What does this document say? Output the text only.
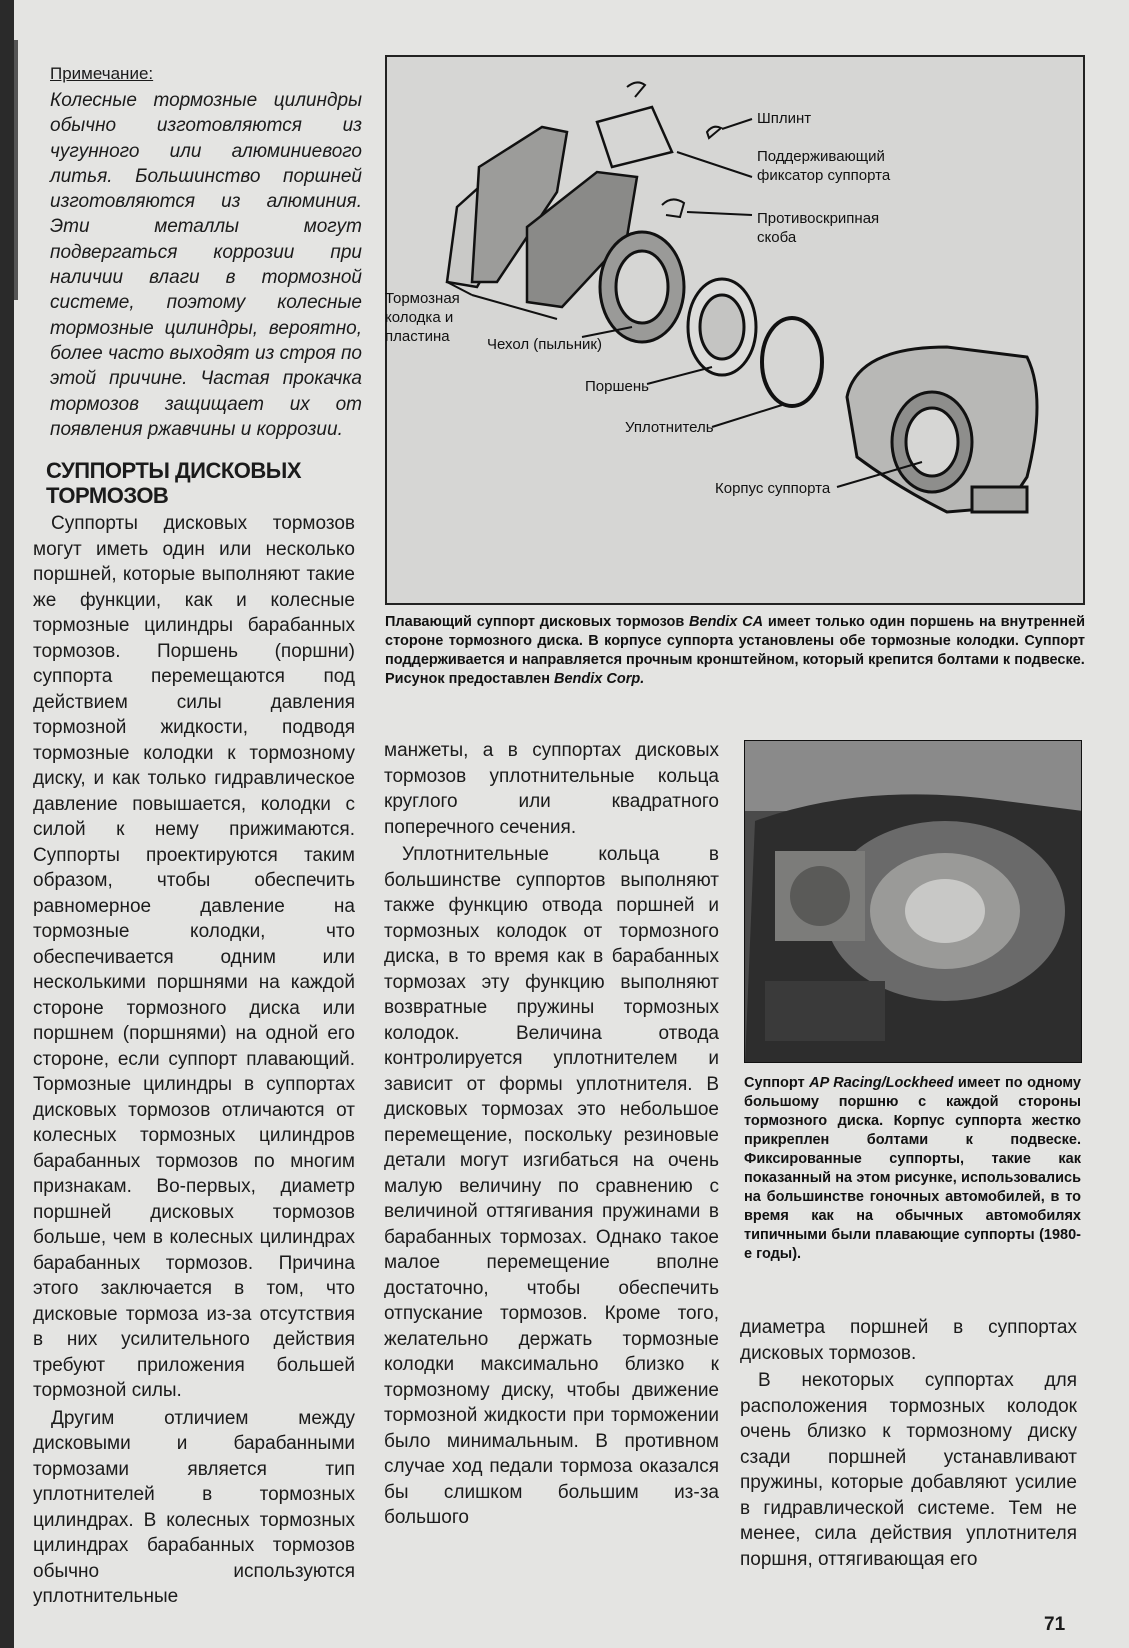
Примечание:
Колесные тормозные цилиндры обычно изготовляются из чугунного или алюминиевого литья. Большинство поршней изготовляются из алюминия. Эти металлы могут подвергаться коррозии при наличии влаги в тормозной системе, поэтому колесные тормозные цилиндры, вероятно, более часто выходят из строя по этой причине. Частая прокачка тормозов защищает их от появления ржавчины и коррозии.
СУППОРТЫ ДИСКОВЫХ ТОРМОЗОВ

Суппорты дисковых тормозов могут иметь один или несколько поршней, которые выполняют такие же функции, как и колесные тормозные цилиндры барабанных тормозов. Поршень (поршни) суппорта перемещаются под действием силы давления тормозной жидкости, подводя тормозные колодки к тормозному диску, и как только гидравлическое давление повышается, колодки с силой к нему прижимаются. Суппорты проектируются таким образом, чтобы обеспечить равномерное давление на тормозные колодки, что обеспечивается одним или несколькими поршнями на каждой стороне тормозного диска или поршнем (поршнями) на одной его стороне, если суппорт плавающий. Тормозные цилиндры в суппортах дисковых тормозов отличаются от колесных тормозных цилиндров барабанных тормозов по многим признакам. Во-первых, диаметр поршней дисковых тормозов больше, чем в колесных цилиндрах барабанных тормозов. Причина этого заключается в том, что дисковые тормоза из-за отсутствия в них усилительного действия требуют приложения большей тормозной силы.

Другим отличием между дисковыми и барабанными тормозами является тип уплотнителей в тормозных цилиндрах. В колесных тормозных цилиндрах барабанных тормозов обычно используются уплотнительные

Шплинт
Поддерживающий фиксатор суппорта
Противоскрипная скоба
Тормозная колодка и пластина	Чехол (пыльник)
Поршень
Уплотнитель
Корпус суппорта
Плавающий суппорт дисковых тормозов Bendix CA имеет только один поршень на внутренней стороне тормозного диска. В корпусе суппорта установлены обе тормозные колодки. Суппорт поддерживается и направляется прочным кронштейном, который крепится болтами к подвеске.
Рисунок предоставлен Bendix Corp.

манжеты, а в суппортах дисковых тормозов уплотнительные кольца круглого или квадратного поперечного сечения.

Уплотнительные кольца в большинстве суппортов выполняют также функцию отвода поршней и тормозных колодок от тормозного диска, в то время как в барабанных тормозах эту функцию выполняют возвратные пружины тормозных колодок. Величина отвода контролируется уплотнителем и зависит от формы уплотнителя. В дисковых тормозах это небольшое перемещение, поскольку резиновые детали могут изгибаться на очень малую величину по сравнению с величиной оттягивания пружинами в барабанных тормозах. Однако такое малое перемещение вполне достаточно, чтобы обеспечить отпускание тормозов. Кроме того, желательно держать тормозные колодки максимально близко к тормозному диску, чтобы движение тормозной жидкости при торможении было минимальным. В противном случае ход педали тормоза оказался бы слишком большим из-за большого

Суппорт AP Racing/Lockheed имеет по одному большому поршню с каждой стороны тормозного диска. Корпус суппорта жестко прикреплен болтами к подвеске. Фиксированные суппорты, такие как показанный на этом рисунке, использовались на большинстве гоночных автомобилей, в то время как на обычных автомобилях типичными были плавающие суппорты (1980-е годы).

диаметра поршней в суппортах дисковых тормозов.

В некоторых суппортах для расположения тормозных колодок очень близко к тормозному диску сзади поршней устанавливают пружины, которые добавляют усилие в гидравлической системе. Тем не менее, сила действия уплотнителя поршня, оттягивающая его

71
